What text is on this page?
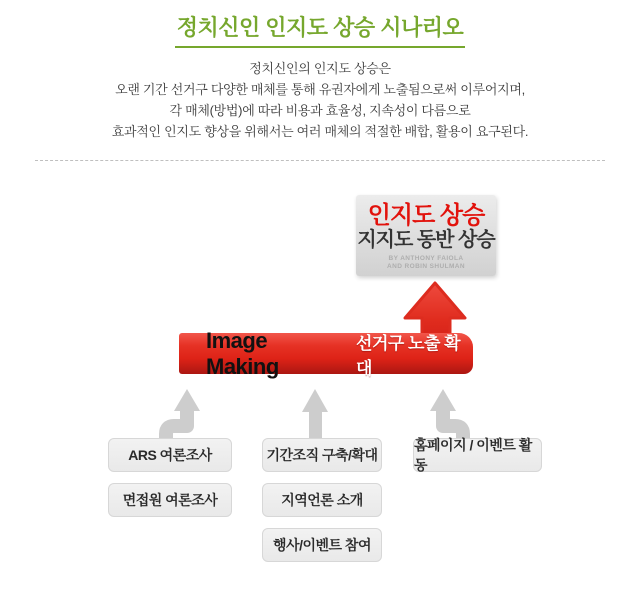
정치신인 인지도 상승 시나리오
정치신인의 인지도 상승은
오랜 기간 선거구 다양한 매체를 통해 유권자에게 노출됨으로써 이루어지며,
각 매체(방법)에 따라 비용과 효율성, 지속성이 다름으로
효과적인 인지도 향상을 위해서는 여러 매체의 적절한 배합, 활용이 요구된다.
인지도 상승
지지도 동반 상승
BY ANTHONY FAIOLA
AND ROBIN SHULMAN
Image Making
선거구 노출 확대
ARS 여론조사	기간조직 구축/확대
홈페이지 / 이벤트 활동
면접원 여론조사	지역언론 소개
행사/이벤트 참여
